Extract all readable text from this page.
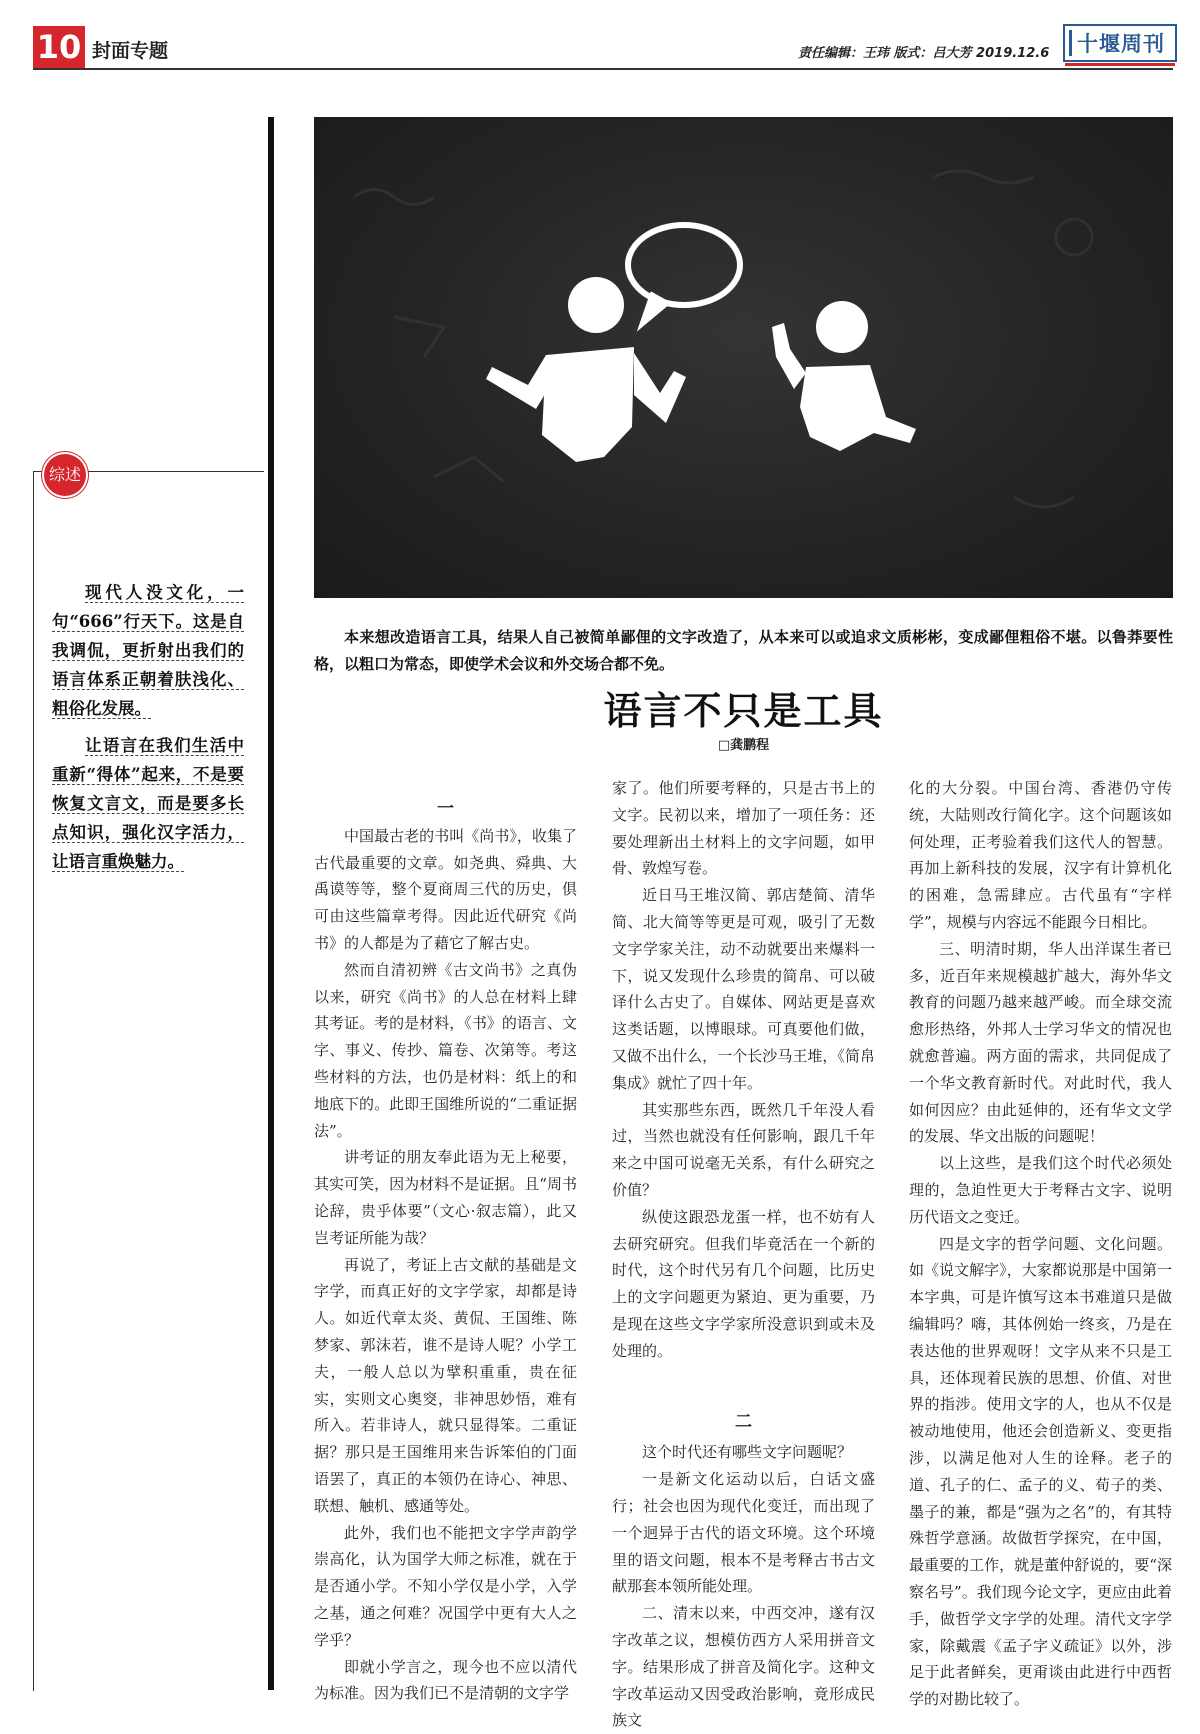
10 封面专题	责任编辑：王玮 版式：吕大芳 2019.12.6 十堰周刊
综述

现代人没文化，一句“666”行天下。这是自我调侃，更折射出我们的语言体系正朝着肤浅化、粗俗化发展。

让语言在我们生活中重新“得体”起来，不是要恢复文言文，而是要多长点知识，强化汉字活力，让语言重焕魅力。

本来想改造语言工具，结果人自己被简单鄙俚的文字改造了，从本来可以或追求文质彬彬，变成鄙俚粗俗不堪。以鲁莽要性格，以粗口为常态，即使学术会议和外交场合都不免。
语言不只是工具
□龚鹏程

一

中国最古老的书叫《尚书》，收集了古代最重要的文章。如尧典、舜典、大禹谟等等，整个夏商周三代的历史，俱可由这些篇章考得。因此近代研究《尚书》的人都是为了藉它了解古史。

然而自清初辨《古文尚书》之真伪以来，研究《尚书》的人总在材料上肆其考证。考的是材料，《书》的语言、文字、事义、传抄、篇卷、次第等。考这些材料的方法，也仍是材料：纸上的和地底下的。此即王国维所说的“二重证据法”。

讲考证的朋友奉此语为无上秘要，其实可笑，因为材料不是证据。且“周书论辞，贵乎体要”（文心·叙志篇），此又岂考证所能为哉？

再说了，考证上古文献的基础是文字学，而真正好的文字学家，却都是诗人。如近代章太炎、黄侃、王国维、陈梦家、郭沫若，谁不是诗人呢？小学工夫，一般人总以为擘积重重，贵在征实，实则文心奥窔，非神思妙悟，难有所入。若非诗人，就只显得笨。二重证据？那只是王国维用来告诉笨伯的门面语罢了，真正的本领仍在诗心、神思、联想、触机、感通等处。

此外，我们也不能把文字学声韵学崇高化，认为国学大师之标准，就在于是否通小学。不知小学仅是小学，入学之基，通之何难？况国学中更有大人之学乎？

即就小学言之，现今也不应以清代为标准。因为我们已不是清朝的文字学

家了。他们所要考释的，只是古书上的文字。民初以来，增加了一项任务：还要处理新出土材料上的文字问题，如甲骨、敦煌写卷。

近日马王堆汉简、郭店楚简、清华简、北大简等等更是可观，吸引了无数文字学家关注，动不动就要出来爆料一下，说又发现什么珍贵的简帛、可以破译什么古史了。自媒体、网站更是喜欢这类话题，以博眼球。可真要他们做，又做不出什么，一个长沙马王堆，《简帛集成》就忙了四十年。

其实那些东西，既然几千年没人看过，当然也就没有任何影响，跟几千年来之中国可说毫无关系，有什么研究之价值？

纵使这跟恐龙蛋一样，也不妨有人去研究研究。但我们毕竟活在一个新的时代，这个时代另有几个问题，比历史上的文字问题更为紧迫、更为重要，乃是现在这些文字学家所没意识到或未及处理的。

二

这个时代还有哪些文字问题呢？

一是新文化运动以后，白话文盛行；社会也因为现代化变迁，而出现了一个迥异于古代的语文环境。这个环境里的语文问题，根本不是考释古书古文献那套本领所能处理。

二、清末以来，中西交冲，遂有汉字改革之议，想模仿西方人采用拼音文字。结果形成了拼音及简化字。这种文字改革运动又因受政治影响，竟形成民族文

化的大分裂。中国台湾、香港仍守传统，大陆则改行简化字。这个问题该如何处理，正考验着我们这代人的智慧。再加上新科技的发展，汉字有计算机化的困难，急需肆应。古代虽有“字样学”，规模与内容远不能跟今日相比。

三、明清时期，华人出洋谋生者已多，近百年来规模越扩越大，海外华文教育的问题乃越来越严峻。而全球交流愈形热络，外邦人士学习华文的情况也就愈普遍。两方面的需求，共同促成了一个华文教育新时代。对此时代，我人如何因应？由此延伸的，还有华文文学的发展、华文出版的问题呢！

以上这些，是我们这个时代必须处理的，急迫性更大于考释古文字、说明历代语文之变迁。

四是文字的哲学问题、文化问题。如《说文解字》，大家都说那是中国第一本字典，可是许慎写这本书难道只是做编辑吗？嗨，其体例始一终亥，乃是在表达他的世界观呀！文字从来不只是工具，还体现着民族的思想、价值、对世界的指涉。使用文字的人，也从不仅是被动地使用，他还会创造新义、变更指涉，以满足他对人生的诠释。老子的道、孔子的仁、孟子的义、荀子的类、墨子的兼，都是“强为之名”的，有其特殊哲学意涵。故做哲学探究，在中国，最重要的工作，就是董仲舒说的，要“深察名号”。我们现今论文字，更应由此着手，做哲学文字学的处理。清代文字学家，除戴震《孟子字义疏证》以外，涉足于此者鲜矣，更甭谈由此进行中西哲学的对勘比较了。
